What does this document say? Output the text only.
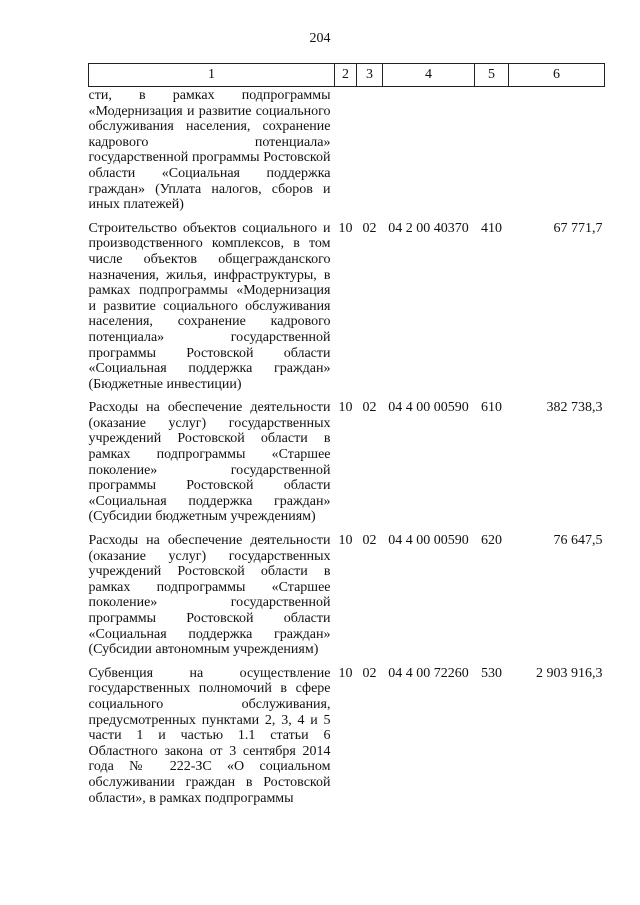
204
1	2	3	4	5	6
сти, в рамках подпрограммы «Модернизация и развитие социального обслуживания населения, сохранение кадрового потенциала» государственной программы Ростовской области «Социальная поддержка граждан» (Уплата налогов, сборов и иных платежей)					
Строительство объектов социального и производственного комплексов, в том числе объектов общегражданского назначения, жилья, инфраструктуры, в рамках подпрограммы «Модернизация и развитие социального обслуживания населения, сохранение кадрового потенциала» государственной программы Ростовской области «Социальная поддержка граждан» (Бюджетные инвестиции)	10	02	04 2 00 40370	410	67 771,7
Расходы на обеспечение деятельности (оказание услуг) государственных учреждений Ростовской области в рамках подпрограммы «Старшее поколение» государственной программы Ростовской области «Социальная поддержка граждан» (Субсидии бюджетным учреждениям)	10	02	04 4 00 00590	610	382 738,3
Расходы на обеспечение деятельности (оказание услуг) государственных учреждений Ростовской области в рамках подпрограммы «Старшее поколение» государственной программы Ростовской области «Социальная поддержка граждан» (Субсидии автономным учреждениям)	10	02	04 4 00 00590	620	76 647,5
Субвенция на осуществление государственных полномочий в сфере социального обслуживания, предусмотренных пунктами 2, 3, 4 и 5 части 1 и частью 1.1 статьи 6 Областного закона от 3 сентября 2014 года № 222-ЗС «О социальном обслуживании граждан в Ростовской области», в рамках подпрограммы	10	02	04 4 00 72260	530	2 903 916,3
